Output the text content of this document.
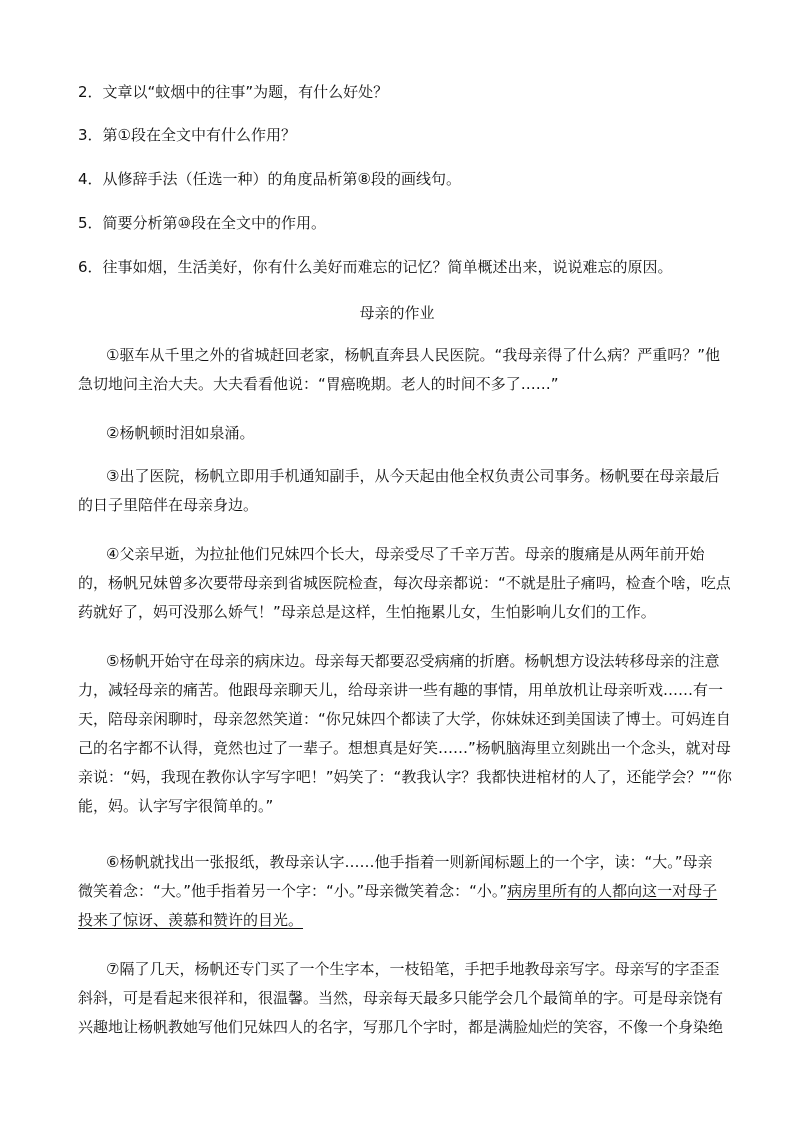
2．文章以“蚊烟中的往事”为题，有什么好处？
3．第①段在全文中有什么作用？
4．从修辞手法（任选一种）的角度品析第⑧段的画线句。
5．简要分析第⑩段在全文中的作用。
6．往事如烟，生活美好，你有什么美好而难忘的记忆？简单概述出来，说说难忘的原因。
母亲的作业
①驱车从千里之外的省城赶回老家，杨帆直奔县人民医院。“我母亲得了什么病？严重吗？”他
急切地问主治大夫。大夫看看他说：“胃癌晚期。老人的时间不多了……”
②杨帆顿时泪如泉涌。
③出了医院，杨帆立即用手机通知副手，从今天起由他全权负责公司事务。杨帆要在母亲最后
的日子里陪伴在母亲身边。
④父亲早逝，为拉扯他们兄妹四个长大，母亲受尽了千辛万苦。母亲的腹痛是从两年前开始
的，杨帆兄妹曾多次要带母亲到省城医院检查，每次母亲都说：“不就是肚子痛吗，检查个啥，吃点
药就好了，妈可没那么娇气！”母亲总是这样，生怕拖累儿女，生怕影响儿女们的工作。
⑤杨帆开始守在母亲的病床边。母亲每天都要忍受病痛的折磨。杨帆想方设法转移母亲的注意
力，减轻母亲的痛苦。他跟母亲聊天儿，给母亲讲一些有趣的事情，用单放机让母亲听戏……有一
天，陪母亲闲聊时，母亲忽然笑道：“你兄妹四个都读了大学，你妹妹还到美国读了博士。可妈连自
己的名字都不认得，竟然也过了一辈子。想想真是好笑……”杨帆脑海里立刻跳出一个念头，就对母
亲说：“妈，我现在教你认字写字吧！”妈笑了：“教我认字？我都快进棺材的人了，还能学会？”“你
能，妈。认字写字很简单的。”
⑥杨帆就找出一张报纸，教母亲认字……他手指着一则新闻标题上的一个字，读：“大。”母亲
微笑着念：“大。”他手指着另一个字：“小。”母亲微笑着念：“小。”病房里所有的人都向这一对母子
投来了惊讶、羡慕和赞许的目光。
⑦隔了几天，杨帆还专门买了一个生字本，一枝铅笔，手把手地教母亲写字。母亲写的字歪歪
斜斜，可是看起来很祥和，很温馨。当然，母亲每天最多只能学会几个最简单的字。可是母亲饶有
兴趣地让杨帆教她写他们兄妹四人的名字，写那几个字时，都是满脸灿烂的笑容，不像一个身染绝
